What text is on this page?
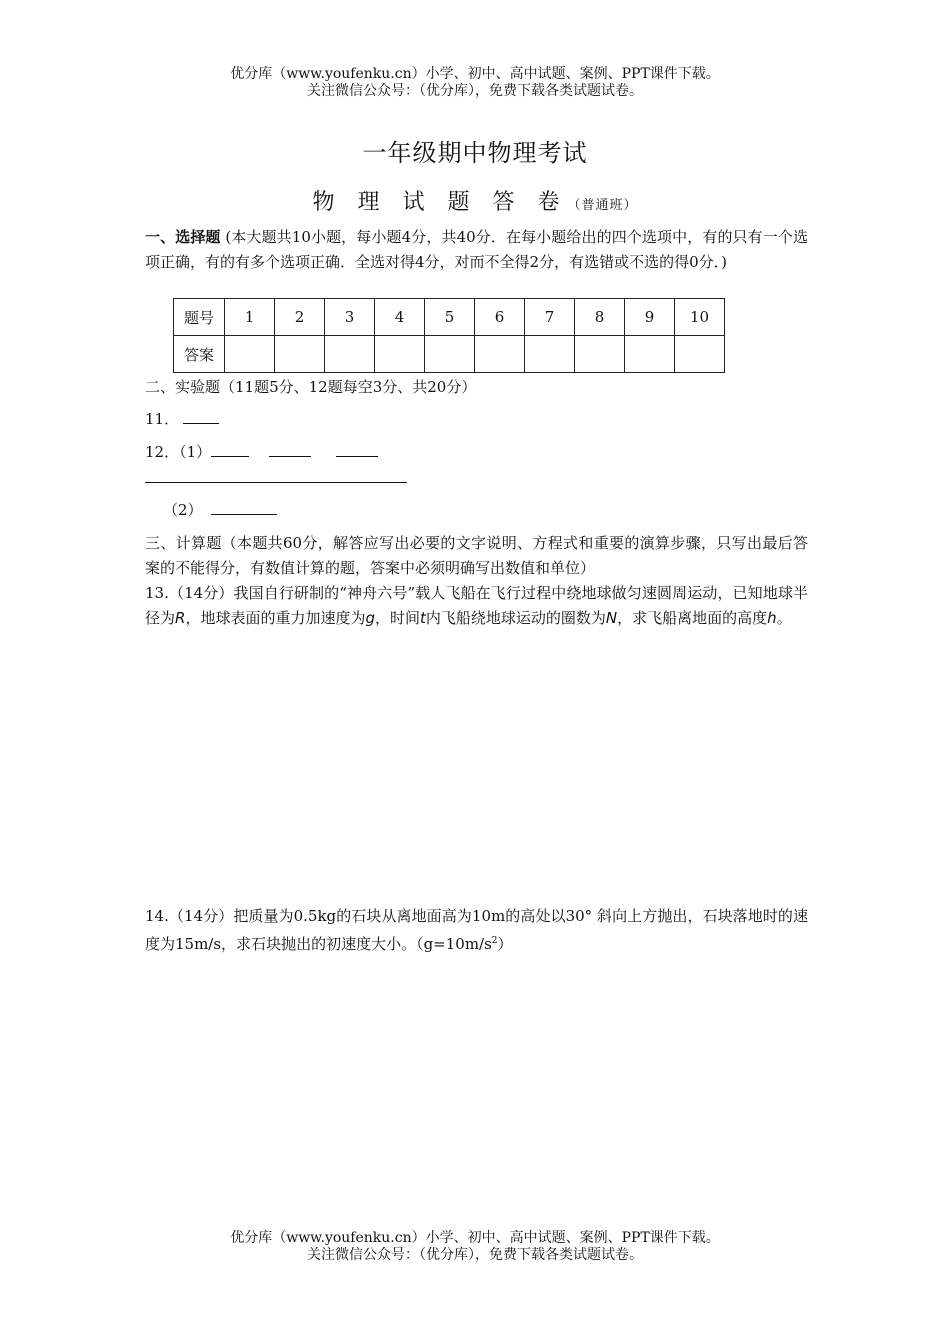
优分库（www.youfenku.cn）小学、初中、高中试题、案例、PPT课件下载。
关注微信公众号：（优分库），免费下载各类试题试卷。
一年级期中物理考试
物 理 试 题 答 卷（普通班）
一、选择题 (本大题共10小题，每小题4分，共40分．在每小题给出的四个选项中，有的只有一个选项正确，有的有多个选项正确．全选对得4分，对而不全得2分，有选错或不选的得0分．)
题号	1	2	3	4	5	6	7	8	9	10
答案										
二、实验题（11题5分、12题每空3分、共20分）
11．
12．（1）
（2）
三、计算题（本题共60分，解答应写出必要的文字说明、方程式和重要的演算步骤，只写出最后答案的不能得分，有数值计算的题，答案中必须明确写出数值和单位）
13.（14分）我国自行研制的“神舟六号”载人飞船在飞行过程中绕地球做匀速圆周运动，已知地球半径为R，地球表面的重力加速度为g，时间t内飞船绕地球运动的圈数为N，求飞船离地面的高度h。
14.（14分）把质量为0.5kg的石块从离地面高为10m的高处以30° 斜向上方抛出，石块落地时的速度为15m/s，求石块抛出的初速度大小。$(g=10m/s^2)$
优分库（www.youfenku.cn）小学、初中、高中试题、案例、PPT课件下载。
关注微信公众号：（优分库），免费下载各类试题试卷。
